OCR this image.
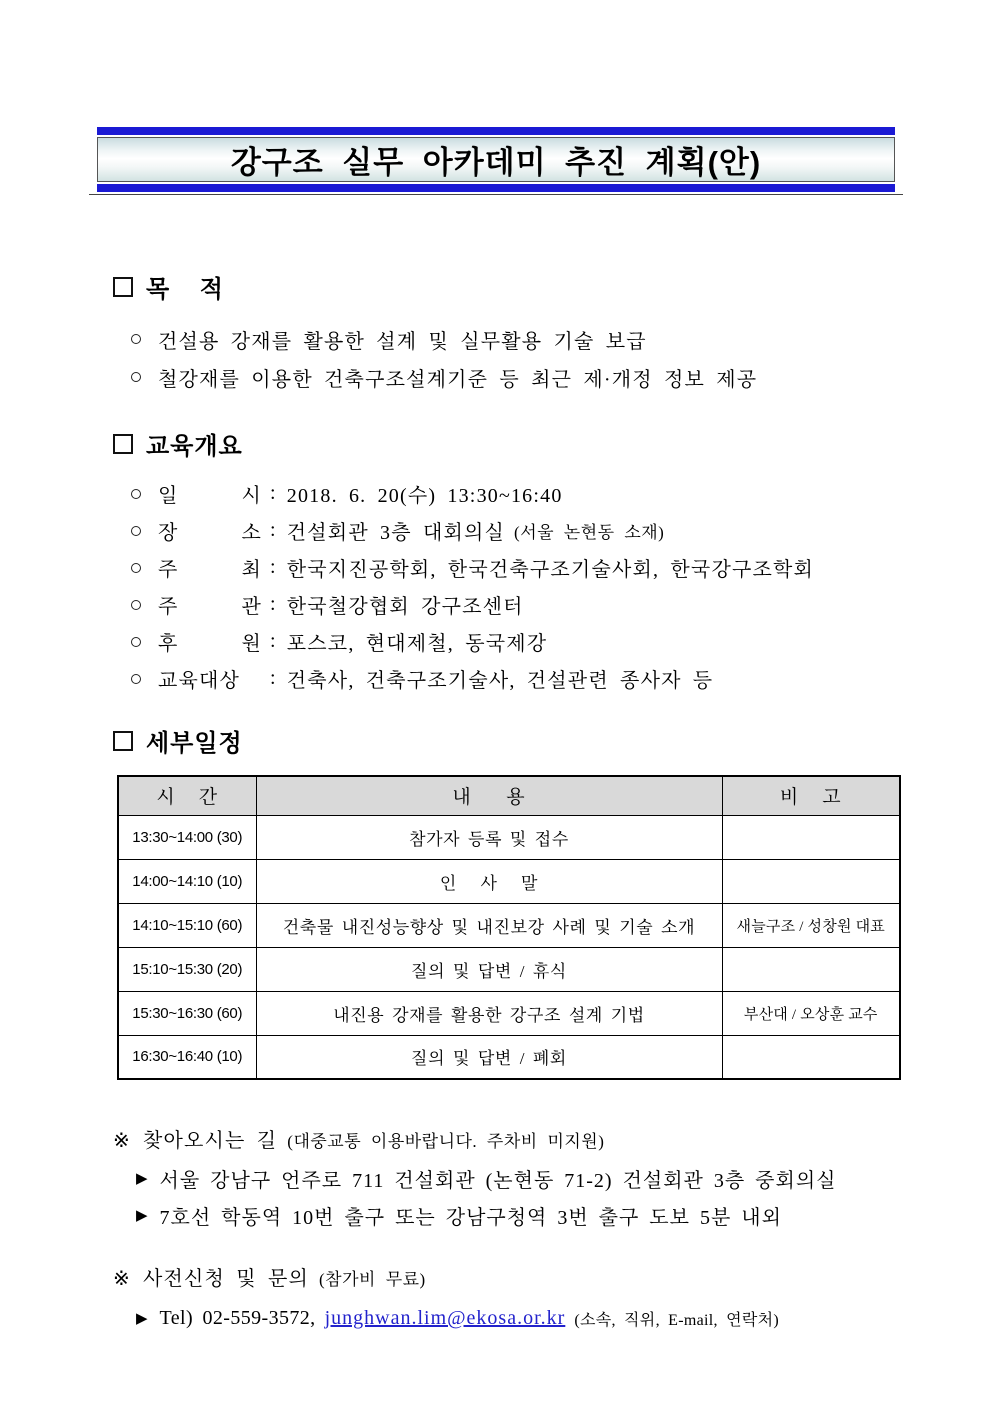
강구조 실무 아카데미 추진 계획(안)
목 적
건설용 강재를 활용한 설계 및 실무활용 기술 보급
철강재를 이용한 건축구조설계기준 등 최근 제·개정 정보 제공
교육개요
일 시 : 2018. 6. 20(수) 13:30~16:40
장 소 : 건설회관 3층 대회의실 (서울 논현동 소재)
주 최 : 한국지진공학회, 한국건축구조기술사회, 한국강구조학회
주 관 : 한국철강협회 강구조센터
후 원 : 포스코, 현대제철, 동국제강
교육대상	: 건축사, 건축구조기술사, 건설관련 종사자 등
세부일정
시    간	내      용	비    고
13:30~14:00 (30)	참가자 등록 및 접수	
14:00~14:10 (10)	인   사   말	
14:10~15:10 (60)	건축물 내진성능향상 및 내진보강 사례 및 기술 소개	새늘구조 / 성창원 대표
15:10~15:30 (20)	질의 및 답변 / 휴식	
15:30~16:30 (60)	내진용 강재를 활용한 강구조 설계 기법	부산대 / 오상훈 교수
16:30~16:40 (10)	질의 및 답변 / 폐회	
※ 찾아오시는 길 (대중교통 이용바랍니다. 주차비 미지원)
▶ 서울 강남구 언주로 711 건설회관 (논현동 71-2) 건설회관 3층 중회의실
▶ 7호선 학동역 10번 출구 또는 강남구청역 3번 출구 도보 5분 내외
※ 사전신청 및 문의 (참가비 무료)
▶ Tel) 02-559-3572, junghwan.lim@ekosa.or.kr (소속, 직위, E-mail, 연락처)
